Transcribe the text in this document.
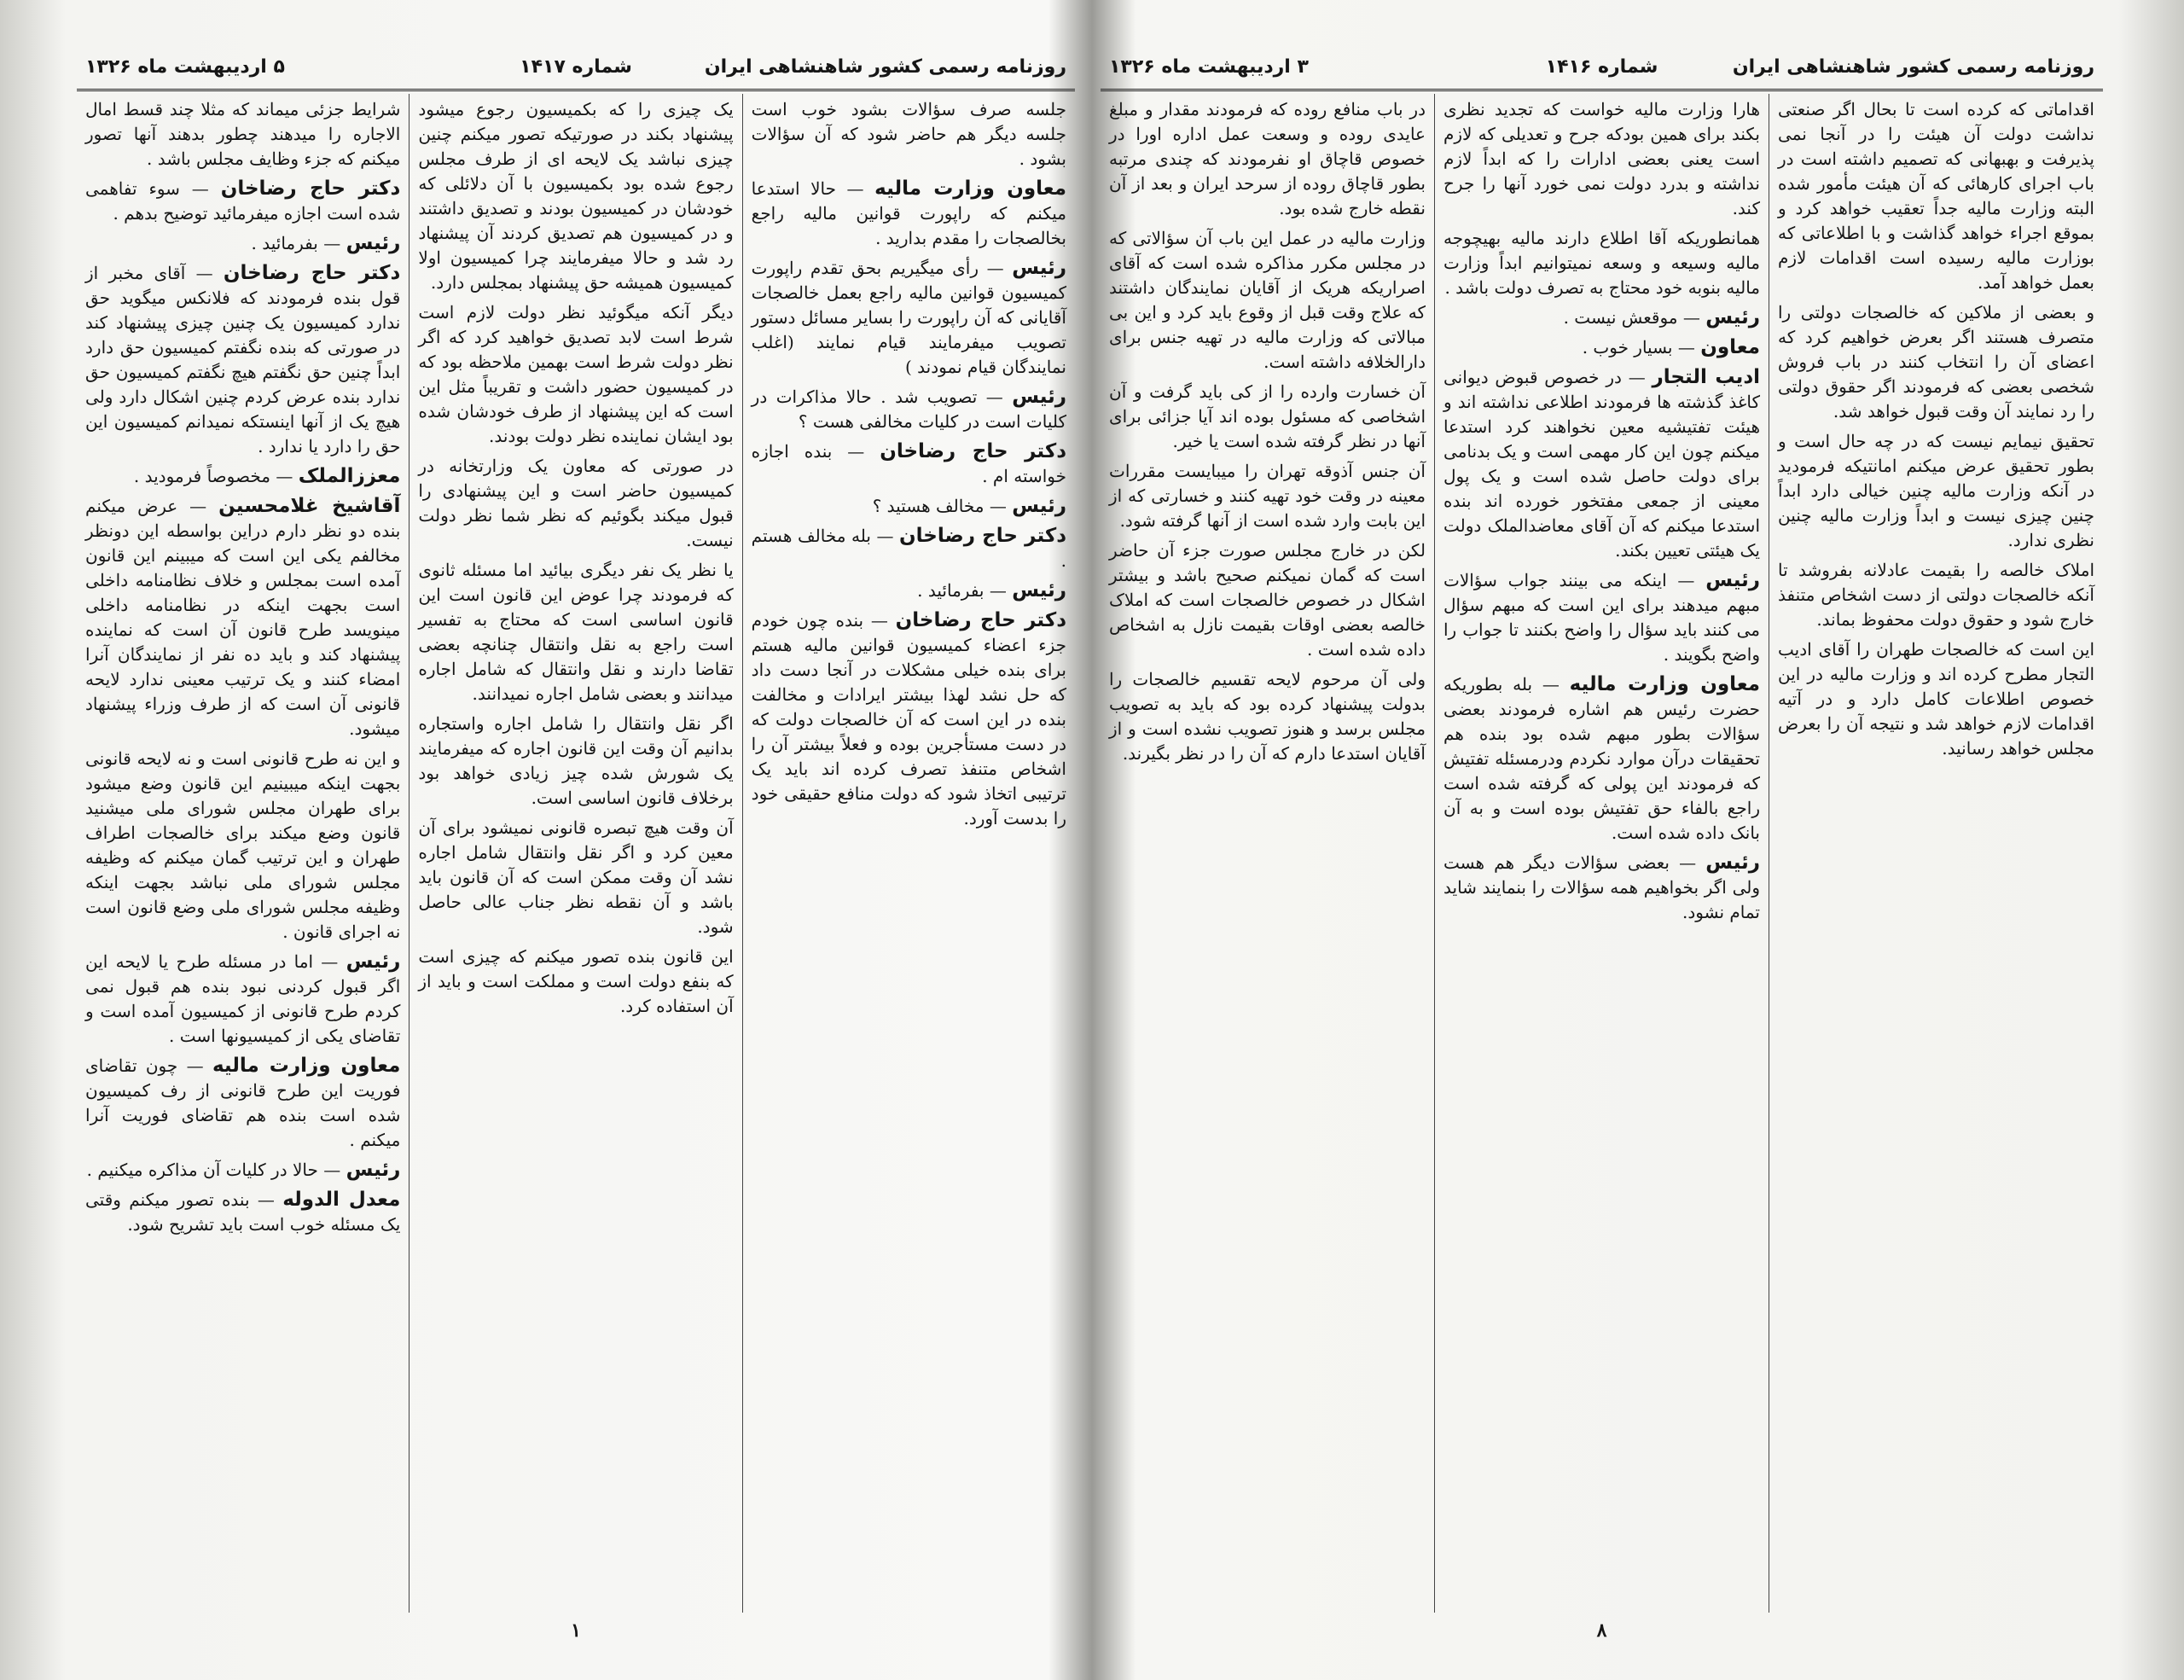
روزنامه رسمی کشور شاهنشاهی ایران
شماره ۱۴۱۷
۵ اردیبهشت ماه ۱۳۲۶

جلسه صرف سؤالات بشود خوب است جلسه دیگر هم حاضر شود که آن سؤالات بشود .

معاون وزارت مالیه — حالا استدعا میکنم که راپورت قوانین مالیه راجع بخالصجات را مقدم بدارید .

رئیس — رأی میگیریم بحق تقدم راپورت کمیسیون قوانین مالیه راجع بعمل خالصجات آقایانی که آن راپورت را بسایر مسائل دستور تصویب میفرمایند قیام نمایند (اغلب نمایندگان قیام نمودند )

رئیس — تصویب شد . حالا مذاکرات در کلیات است در کلیات مخالفی هست ؟

دکتر حاج رضاخان — بنده اجازه خواسته ام .

رئیس — مخالف هستید ؟

دکتر حاج رضاخان — بله مخالف هستم .

رئیس — بفرمائید .

دکتر حاج رضاخان — بنده چون خودم جزء اعضاء کمیسیون قوانین مالیه هستم برای بنده خیلی مشکلات در آنجا دست داد که حل نشد لهذا بیشتر ایرادات و مخالفت بنده در این است که آن خالصجات دولت که در دست مستأجرین بوده و فعلاً بیشتر آن را اشخاص متنفذ تصرف کرده اند باید یک ترتیبی اتخاذ شود که دولت منافع حقیقی خود را بدست آورد.

یک چیزی را که بکمیسیون رجوع میشود پیشنهاد بکند در صورتیکه تصور میکنم چنین چیزی نباشد یک لایحه ای از طرف مجلس رجوع شده بود بکمیسیون با آن دلائلی که خودشان در کمیسیون بودند و تصدیق داشتند و در کمیسیون هم تصدیق کردند آن پیشنهاد رد شد و حالا میفرمایند چرا کمیسیون اولا کمیسیون همیشه حق پیشنهاد بمجلس دارد.

دیگر آنکه میگوئید نظر دولت لازم است شرط است لابد تصدیق خواهید کرد که اگر نظر دولت شرط است بهمین ملاحظه بود که در کمیسیون حضور داشت و تقریباً مثل این است که این پیشنهاد از طرف خودشان شده بود ایشان نماینده نظر دولت بودند.

در صورتی که معاون یک وزارتخانه در کمیسیون حاضر است و این پیشنهادی را قبول میکند بگوئیم که نظر شما نظر دولت نیست.

یا نظر یک نفر دیگری بیائید اما مسئله ثانوی که فرمودند چرا عوض این قانون است این قانون اساسی است که محتاج به تفسیر است راجع به نقل وانتقال چنانچه بعضی تقاضا دارند و نقل وانتقال که شامل اجاره میدانند و بعضی شامل اجاره نمیدانند.

اگر نقل وانتقال را شامل اجاره واستجاره بدانیم آن وقت این قانون اجاره که میفرمایند یک شورش شده چیز زیادی خواهد بود برخلاف قانون اساسی است.

آن وقت هیچ تبصره قانونی نمیشود برای آن معین کرد و اگر نقل وانتقال شامل اجاره نشد آن وقت ممکن است که آن قانون باید باشد و آن نقطه نظر جناب عالی حاصل شود.

این قانون بنده تصور میکنم که چیزی است که بنفع دولت است و مملکت است و باید از آن استفاده کرد.

شرایط جزئی میماند که مثلا چند قسط امال الاجاره را میدهند چطور بدهند آنها تصور میکنم که جزء وظایف مجلس باشد .

دکتر حاج رضاخان — سوء تفاهمی شده است اجازه میفرمائید توضیح بدهم .

رئیس — بفرمائید .

دکتر حاج رضاخان — آقای مخبر از قول بنده فرمودند که فلانکس میگوید حق ندارد کمیسیون یک چنین چیزی پیشنهاد کند در صورتی که بنده نگفتم کمیسیون حق دارد ابداً چنین حق نگفتم هیچ نگفتم کمیسیون حق ندارد بنده عرض کردم چنین اشکال دارد ولی هیچ یک از آنها اینستکه نمیدانم کمیسیون این حق را دارد یا ندارد .

معززالملک — مخصوصاً فرمودید .

آقاشیخ غلامحسین — عرض میکنم بنده دو نظر دارم دراین بواسطه این دونظر مخالفم یکی این است که میبینم این قانون آمده است بمجلس و خلاف نظامنامه داخلی است بجهت اینکه در نظامنامه داخلی مینویسد طرح قانون آن است که نماینده پیشنهاد کند و باید ده نفر از نمایندگان آنرا امضاء کنند و یک ترتیب معینی ندارد لایحه قانونی آن است که از طرف وزراء پیشنهاد میشود.

و این نه طرح قانونی است و نه لایحه قانونی بجهت اینکه میبینیم این قانون وضع میشود برای طهران مجلس شورای ملی میشنید قانون وضع میکند برای خالصجات اطراف طهران و این ترتیب گمان میکنم که وظیفه مجلس شورای ملی نباشد بجهت اینکه وظیفه مجلس شورای ملی وضع قانون است نه اجرای قانون .

رئیس — اما در مسئله طرح یا لایحه این اگر قبول کردنی نبود بنده هم قبول نمی کردم طرح قانونی از کمیسیون آمده است و تقاضای یکی از کمیسیونها است .

معاون وزارت مالیه — چون تقاضای فوریت این طرح قانونی از رف کمیسیون شده است بنده هم تقاضای فوریت آنرا میکنم .

رئیس — حالا در کلیات آن مذاکره میکنیم .

معدل الدوله — بنده تصور میکنم وقتی یک مسئله خوب است باید تشریح شود.

۱
روزنامه رسمی کشور شاهنشاهی ایران
شماره ۱۴۱۶
۳ اردیبهشت ماه ۱۳۲۶

اقداماتی که کرده است تا بحال اگر صنعتی نداشت دولت آن هیئت را در آنجا نمی پذیرفت و بهبهانی که تصمیم داشته است در باب اجرای کارهائی که آن هیئت مأمور شده البته وزارت مالیه جداً تعقیب خواهد کرد و بموقع اجراء خواهد گذاشت و با اطلاعاتی که بوزارت مالیه رسیده است اقدامات لازم بعمل خواهد آمد.

و بعضی از ملاکین که خالصجات دولتی را متصرف هستند اگر بعرض خواهیم کرد که اعضای آن را انتخاب کنند در باب فروش شخصی بعضی که فرمودند اگر حقوق دولتی را رد نمایند آن وقت قبول خواهد شد.

تحقیق نیمایم نیست که در چه حال است و بطور تحقیق عرض میکنم امانتیکه فرمودید در آنکه وزارت مالیه چنین خیالی دارد ابداً چنین چیزی نیست و ابداً وزارت مالیه چنین نظری ندارد.

املاک خالصه را بقیمت عادلانه بفروشد تا آنکه خالصجات دولتی از دست اشخاص متنفذ خارج شود و حقوق دولت محفوظ بماند.

این است که خالصجات طهران را آقای ادیب التجار مطرح کرده اند و وزارت مالیه در این خصوص اطلاعات کامل دارد و در آتیه اقدامات لازم خواهد شد و نتیجه آن را بعرض مجلس خواهد رسانید.

هارا وزارت مالیه خواست که تجدید نظری بکند برای همین بودکه جرح و تعدیلی که لازم است یعنی بعضی ادارات را که ابداً لازم نداشته و بدرد دولت نمی خورد آنها را جرح کند.

همانطوریکه آقا اطلاع دارند مالیه بهیچوجه مالیه وسیعه و وسعه نمیتوانیم ابداً وزارت مالیه بنوبه خود محتاج به تصرف دولت باشد .

رئیس — موقعش نیست .

معاون — بسیار خوب .

ادیب التجار — در خصوص قبوض دیوانی کاغذ گذشته ها فرمودند اطلاعی نداشته اند و هیئت تفتیشیه معین نخواهند کرد استدعا میکنم چون این کار مهمی است و یک بدنامی برای دولت حاصل شده است و یک پول معینی از جمعی مفتخور خورده اند بنده استدعا میکنم که آن آقای معاضدالملک دولت یک هیئتی تعیین بکند.

رئیس — اینکه می بینند جواب سؤالات مبهم میدهند برای این است که مبهم سؤال می کنند باید سؤال را واضح بکنند تا جواب را واضح بگویند .

معاون وزارت مالیه — بله بطوریکه حضرت رئیس هم اشاره فرمودند بعضی سؤالات بطور مبهم شده بود بنده هم تحقیقات درآن موارد نکردم ودرمسئله تفتیش که فرمودند این پولی که گرفته شده است راجع بالفاء حق تفتیش بوده است و به آن بانک داده شده است.

رئیس — بعضی سؤالات دیگر هم هست ولی اگر بخواهیم همه سؤالات را بنمایند شاید تمام نشود.

در باب منافع روده که فرمودند مقدار و مبلغ عایدی روده و وسعت عمل اداره اورا در خصوص قاچاق او نفرمودند که چندی مرتبه بطور قاچاق روده از سرحد ایران و بعد از آن نقطه خارج شده بود.

وزارت مالیه در عمل این باب آن سؤالاتی که در مجلس مکرر مذاکره شده است که آقای اصراریکه هریک از آقایان نمایندگان داشتند که علاج وقت قبل از وقوع باید کرد و این بی مبالاتی که وزارت مالیه در تهیه جنس برای دارالخلافه داشته است.

آن خسارت وارده را از کی باید گرفت و آن اشخاصی که مسئول بوده اند آیا جزائی برای آنها در نظر گرفته شده است یا خیر.

آن جنس آذوقه تهران را میبایست مقررات معینه در وقت خود تهیه کنند و خسارتی که از این بابت وارد شده است از آنها گرفته شود.

لکن در خارج مجلس صورت جزء آن حاضر است که گمان نمیکنم صحیح باشد و بیشتر اشکال در خصوص خالصجات است که املاک خالصه بعضی اوقات بقیمت نازل به اشخاص داده شده است .

ولی آن مرحوم لایحه تقسیم خالصجات را بدولت پیشنهاد کرده بود که باید به تصویب مجلس برسد و هنوز تصویب نشده است و از آقایان استدعا دارم که آن را در نظر بگیرند.

۸
